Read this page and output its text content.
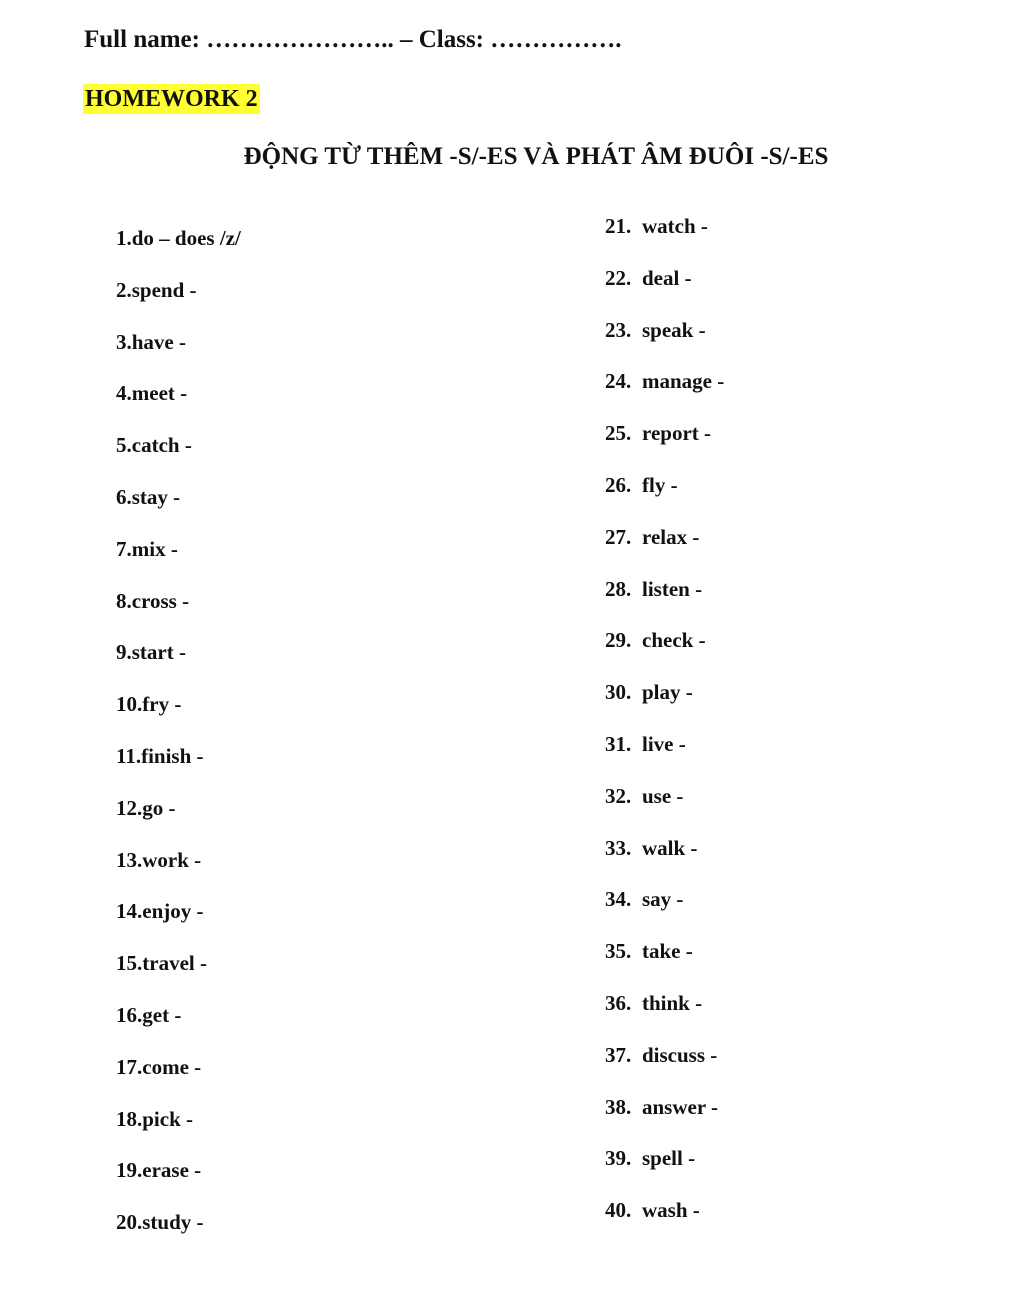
Full name: ………………….. – Class: …………….
HOMEWORK 2
ĐỘNG TỪ THÊM -S/-ES VÀ PHÁT ÂM ĐUÔI -S/-ES
1.do – does /z/
2.spend -
3.have -
4.meet -
5.catch -
6.stay -
7.mix -
8.cross -
9.start -
10.fry -
11.finish -
12.go -
13.work -
14.enjoy -
15.travel -
16.get -
17.come -
18.pick -
19.erase -
20.study -
21. watch -
22. deal -
23. speak -
24. manage -
25. report -
26. fly -
27. relax -
28. listen -
29. check -
30. play -
31. live -
32. use -
33. walk -
34. say -
35. take -
36. think -
37. discuss -
38. answer -
39. spell -
40. wash -
